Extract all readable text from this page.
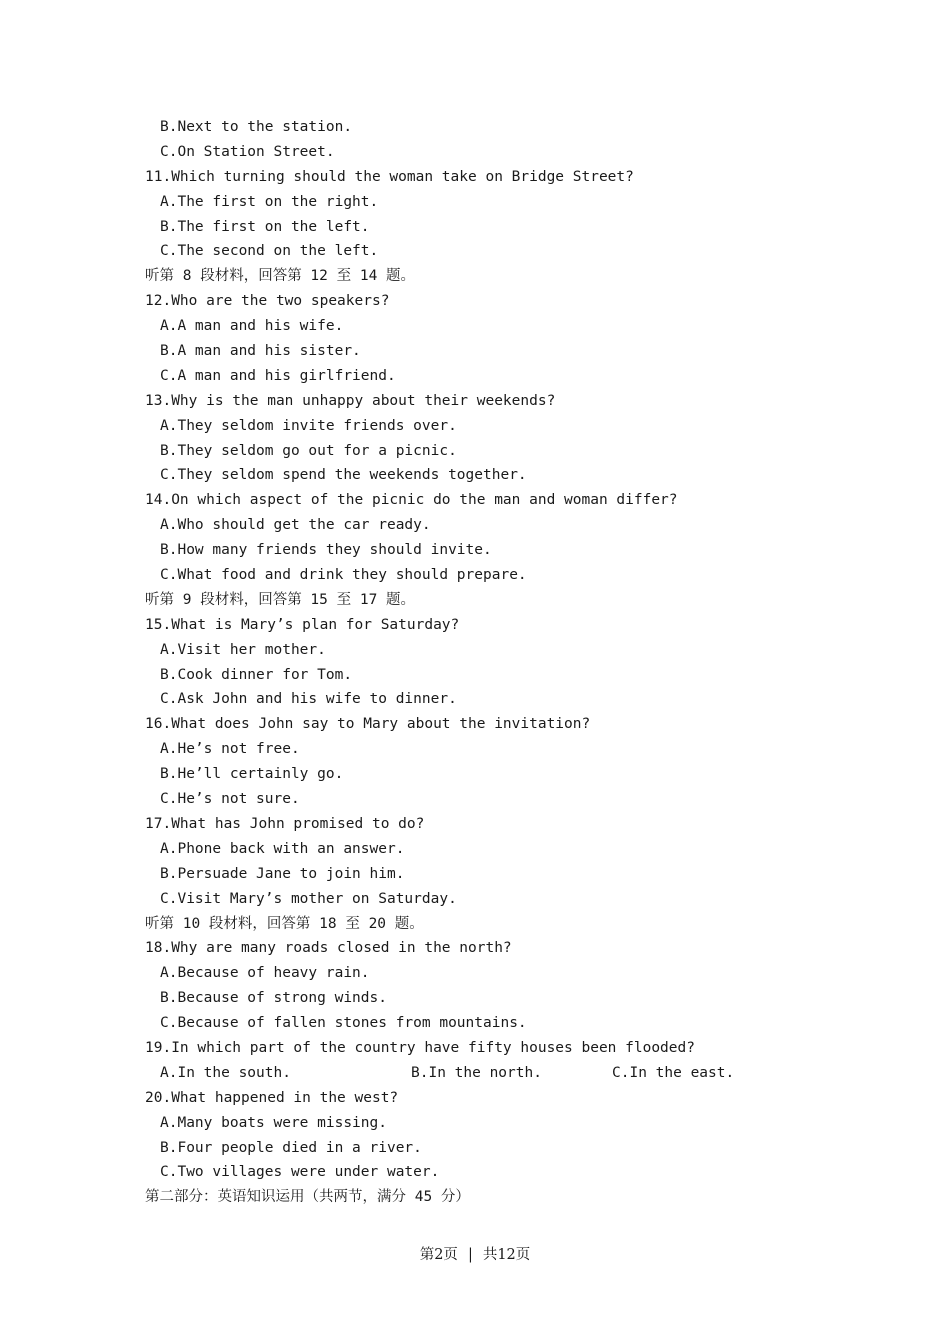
B.Next to the station.
C.On Station Street.
11.Which turning should the woman take on Bridge Street?
A.The first on the right.
B.The first on the left.
C.The second on the left.
听第 8 段材料，回答第 12 至 14 题。
12.Who are the two speakers?
A.A man and his wife.
B.A man and his sister.
C.A man and his girlfriend.
13.Why is the man unhappy about their weekends?
A.They seldom invite friends over.
B.They seldom go out for a picnic.
C.They seldom spend the weekends together.
14.On which aspect of the picnic do the man and woman differ?
A.Who should get the car ready.
B.How many friends they should invite.
C.What food and drink they should prepare.
听第 9 段材料，回答第 15 至 17 题。
15.What is Mary’s plan for Saturday?
A.Visit her mother.
B.Cook dinner for Tom.
C.Ask John and his wife to dinner.
16.What does John say to Mary about the invitation?
A.He’s not free.
B.He’ll certainly go.
C.He’s not sure.
17.What has John promised to do?
A.Phone back with an answer.
B.Persuade Jane to join him.
C.Visit Mary’s mother on Saturday.
听第 10 段材料，回答第 18 至 20 题。
18.Why are many roads closed in the north?
A.Because of heavy rain.
B.Because of strong winds.
C.Because of fallen stones from mountains.
19.In which part of the country have fifty houses been flooded?
A.In the south.	B.In the north.	C.In the east.
20.What happened in the west?
A.Many boats were missing.
B.Four people died in a river.
C.Two villages were under water.
第二部分：英语知识运用（共两节，满分 45 分）
第2页 | 共12页
